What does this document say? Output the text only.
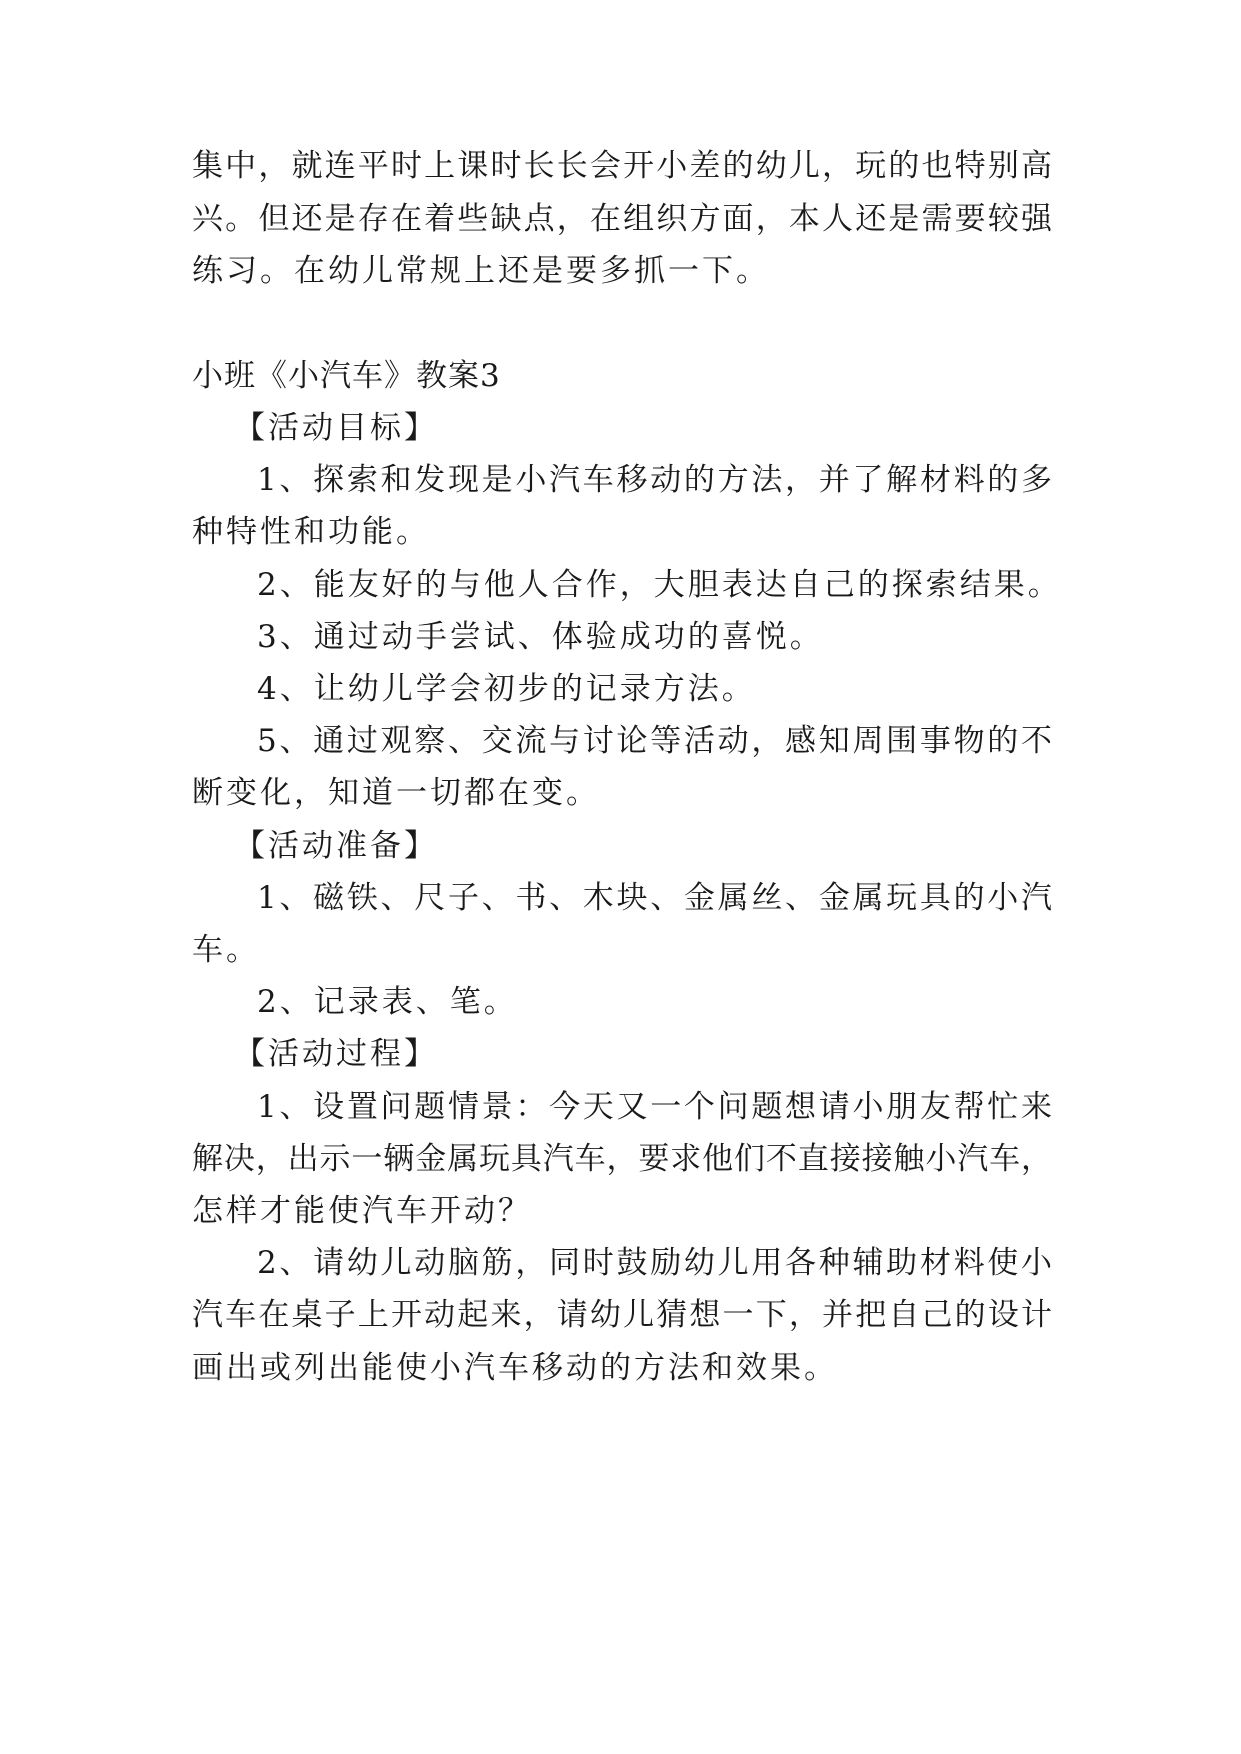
集中，就连平时上课时长长会开小差的幼儿，玩的也特别高
兴。但还是存在着些缺点，在组织方面，本人还是需要较强
练习。在幼儿常规上还是要多抓一下。
小班《小汽车》教案3
【活动目标】
1、探索和发现是小汽车移动的方法，并了解材料的多
种特性和功能。
2、能友好的与他人合作，大胆表达自己的探索结果。
3、通过动手尝试、体验成功的喜悦。
4、让幼儿学会初步的记录方法。
5、通过观察、交流与讨论等活动，感知周围事物的不
断变化，知道一切都在变。
【活动准备】
1、磁铁、尺子、书、木块、金属丝、金属玩具的小汽
车。
2、记录表、笔。
【活动过程】
1、设置问题情景：今天又一个问题想请小朋友帮忙来
解决，出示一辆金属玩具汽车，要求他们不直接接触小汽车，
怎样才能使汽车开动？
2、请幼儿动脑筋，同时鼓励幼儿用各种辅助材料使小
汽车在桌子上开动起来，请幼儿猜想一下，并把自己的设计
画出或列出能使小汽车移动的方法和效果。
